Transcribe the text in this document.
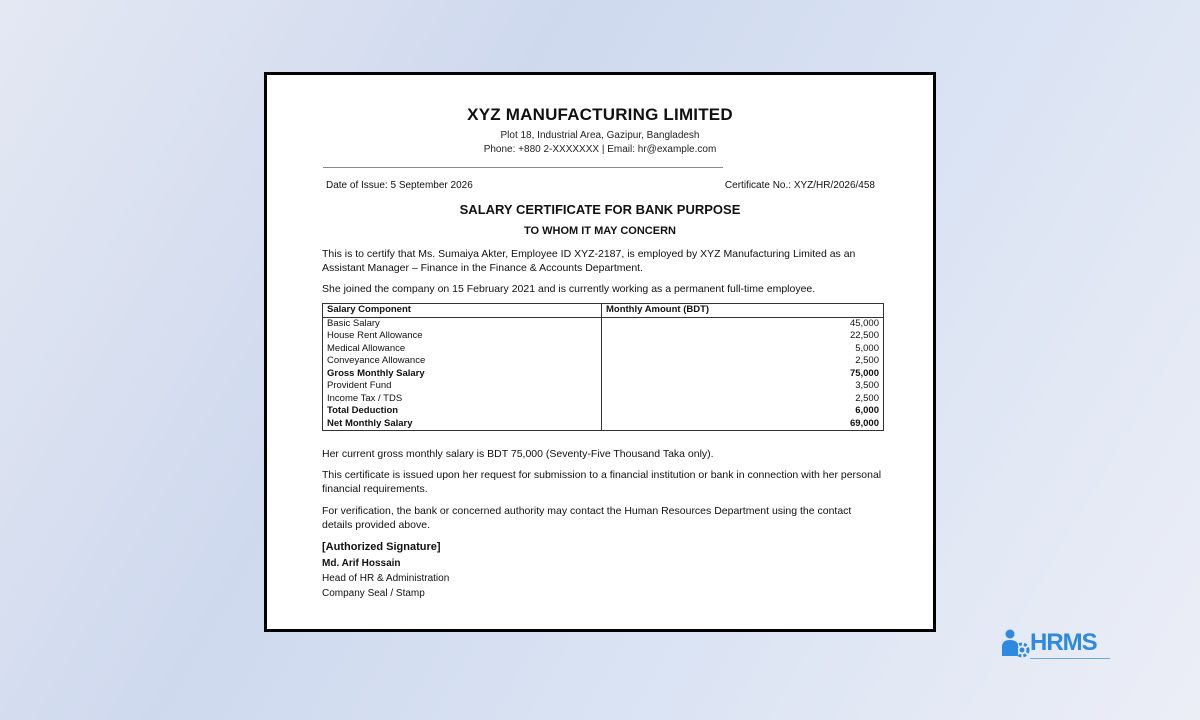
XYZ MANUFACTURING LIMITED
Plot 18, Industrial Area, Gazipur, Bangladesh
Phone: +880 2-XXXXXXX | Email: hr@example.com
Date of Issue: 5 September 2026	Certificate No.: XYZ/HR/2026/458
SALARY CERTIFICATE FOR BANK PURPOSE
TO WHOM IT MAY CONCERN
This is to certify that Ms. Sumaiya Akter, Employee ID XYZ-2187, is employed by XYZ Manufacturing Limited as an Assistant Manager – Finance in the Finance & Accounts Department.
She joined the company on 15 February 2021 and is currently working as a permanent full-time employee.
Salary Component	Monthly Amount (BDT)
Basic Salary	45,000
House Rent Allowance	22,500
Medical Allowance	5,000
Conveyance Allowance	2,500
Gross Monthly Salary	75,000
Provident Fund	3,500
Income Tax / TDS	2,500
Total Deduction	6,000
Net Monthly Salary	69,000
Her current gross monthly salary is BDT 75,000 (Seventy-Five Thousand Taka only).
This certificate is issued upon her request for submission to a financial institution or bank in connection with her personal financial requirements.
For verification, the bank or concerned authority may contact the Human Resources Department using the contact details provided above.
[Authorized Signature]
Md. Arif Hossain
Head of HR & Administration
Company Seal / Stamp
HRMS
